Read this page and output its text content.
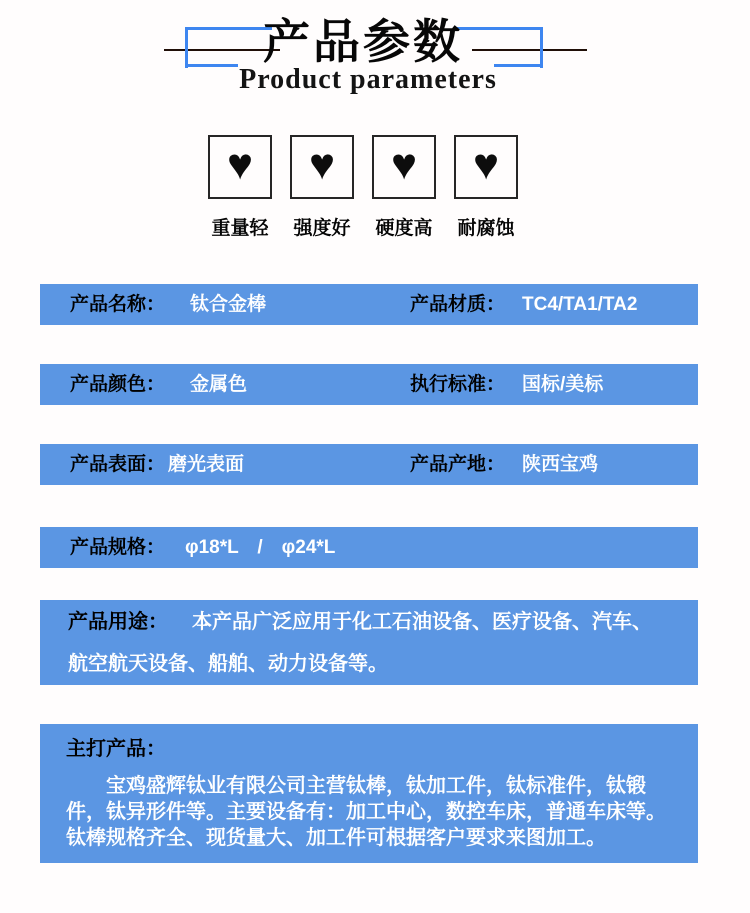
产品参数
Product parameters
♥
重量轻
♥
强度好
♥
硬度高
♥
耐腐蚀
产品名称： 钛合金棒	产品材质： TC4/TA1/TA2
产品颜色： 金属色	执行标准： 国标/美标
产品表面： 磨光表面	产品产地： 陕西宝鸡
产品规格： φ18*L　/　φ24*L
产品用途： 本产品广泛应用于化工石油设备、医疗设备、汽车、航空航天设备、船舶、动力设备等。
主打产品：

宝鸡盛辉钛业有限公司主营钛棒，钛加工件，钛标准件，钛锻件，钛异形件等。主要设备有：加工中心，数控车床，普通车床等。钛棒规格齐全、现货量大、加工件可根据客户要求来图加工。
